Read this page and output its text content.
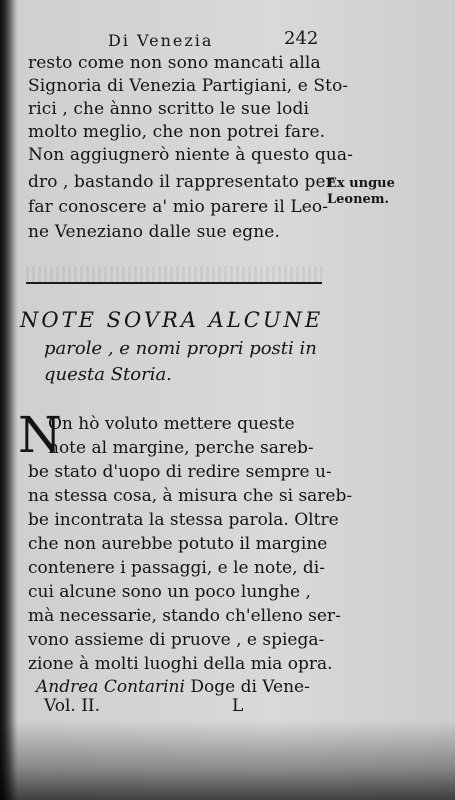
Di Venezia	242
resto come non sono mancati alla
Signoria di Venezia Partigiani, e Sto-
rici , che ànno scritto le sue lodi
molto meglio, che non potrei fare.
Non aggiugnerò niente à questo qua-
dro , bastando il rappresentato per
far conoscere a' mio parere il Leo-
ne Veneziano dalle sue egne.
Ex ungue
Leonem.
NOTE SOVRA ALCUNE
parole , e nomi propri posti in
questa Storia.
N
On hò voluto mettere queste
note al margine, perche sareb-
be stato d'uopo di redire sempre u-
na stessa cosa, à misura che si sareb-
be incontrata la stessa parola. Oltre
che non aurebbe potuto il margine
contenere i passaggi, e le note, di-
cui alcune sono un poco lunghe ,
mà necessarie, stando ch'elleno ser-
vono assieme di pruove , e spiega-
zione à molti luoghi della mia opra.
Andrea Contarini Doge di Vene-
Vol. II.	L
